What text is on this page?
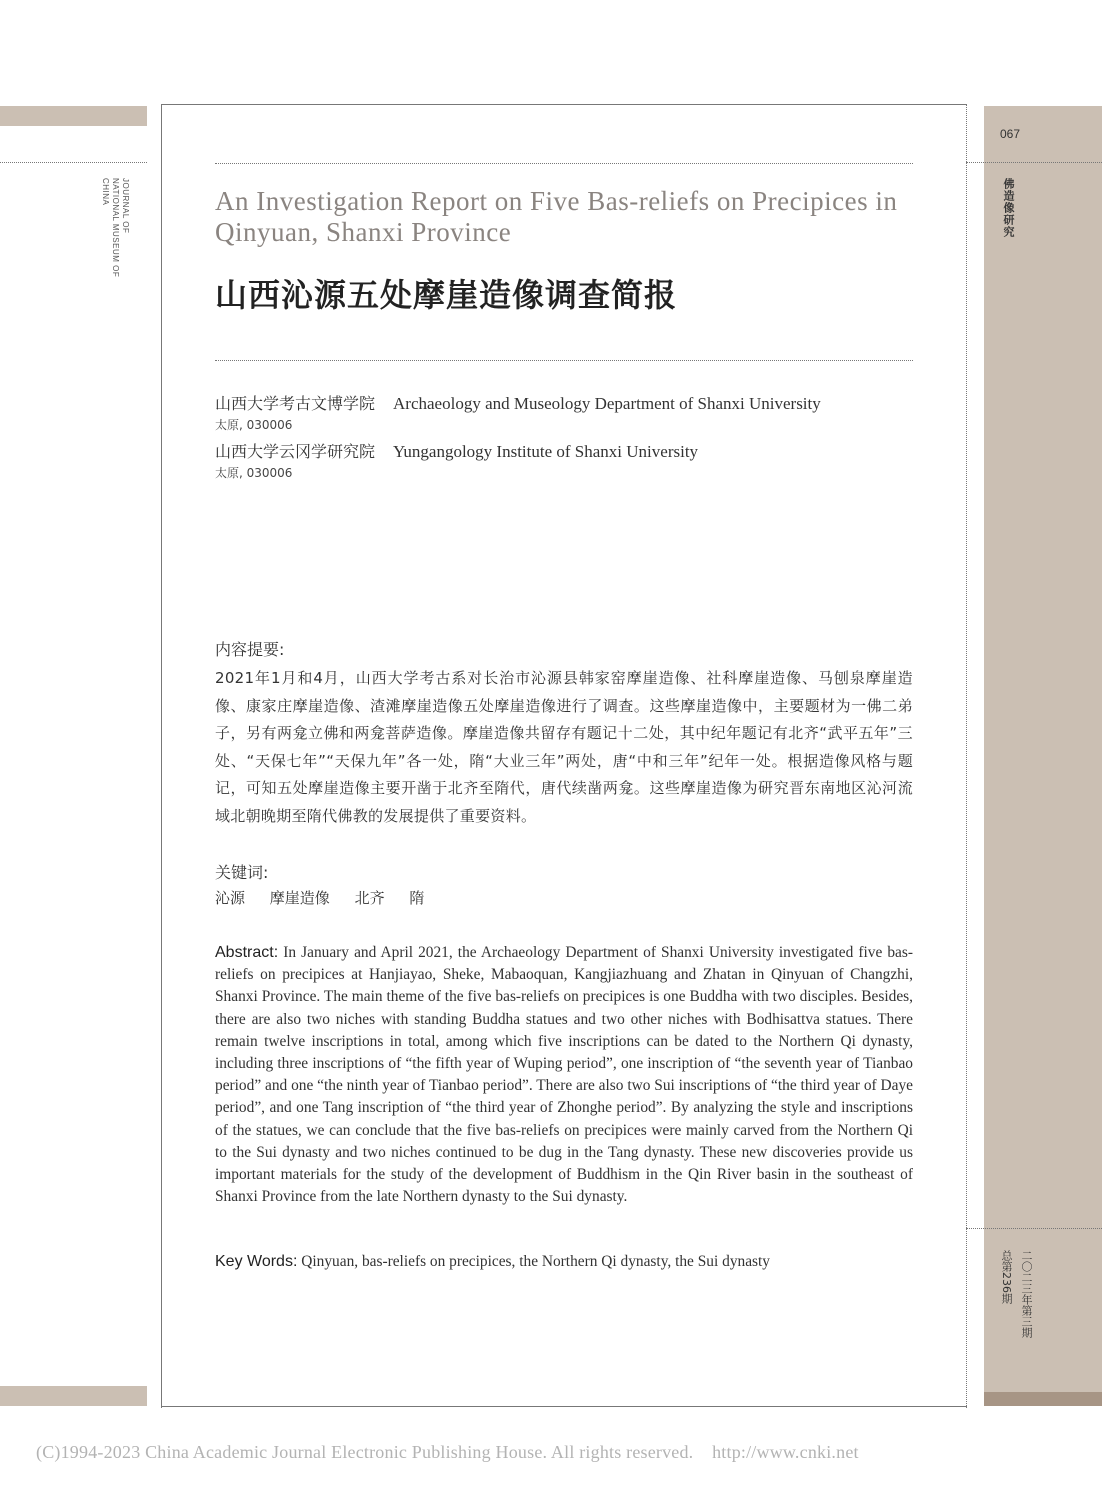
JOURNAL OF
NATIONAL MUSEUM OF
CHINA
067
佛造像研究
二〇二三年第三期
总第236期
An Investigation Report on Five Bas-reliefs on Precipices in Qinyuan, Shanxi Province
山西沁源五处摩崖造像调查简报
山西大学考古文博学院 Archaeology and Museology Department of Shanxi University
太原, 030006
山西大学云冈学研究院 Yungangology Institute of Shanxi University
太原, 030006
内容提要:
2021年1月和4月，山西大学考古系对长治市沁源县韩家窑摩崖造像、社科摩崖造像、马刨泉摩崖造像、康家庄摩崖造像、渣滩摩崖造像五处摩崖造像进行了调查。这些摩崖造像中，主要题材为一佛二弟子，另有两龛立佛和两龛菩萨造像。摩崖造像共留存有题记十二处，其中纪年题记有北齐“武平五年”三处、“天保七年”“天保九年”各一处，隋“大业三年”两处，唐“中和三年”纪年一处。根据造像风格与题记，可知五处摩崖造像主要开凿于北齐至隋代，唐代续凿两龛。这些摩崖造像为研究晋东南地区沁河流域北朝晚期至隋代佛教的发展提供了重要资料。
关键词:
沁源 摩崖造像 北齐 隋
Abstract: In January and April 2021, the Archaeology Department of Shanxi University investigated five bas-reliefs on precipices at Hanjiayao, Sheke, Mabaoquan, Kangjiazhuang and Zhatan in Qinyuan of Changzhi, Shanxi Province. The main theme of the five bas-reliefs on precipices is one Buddha with two disciples. Besides, there are also two niches with standing Buddha statues and two other niches with Bodhisattva statues. There remain twelve inscriptions in total, among which five inscriptions can be dated to the Northern Qi dynasty, including three inscriptions of “the fifth year of Wuping period”, one inscription of “the seventh year of Tianbao period” and one “the ninth year of Tianbao period”. There are also two Sui inscriptions of “the third year of Daye period”, and one Tang inscription of “the third year of Zhonghe period”. By analyzing the style and inscriptions of the statues, we can conclude that the five bas-reliefs on precipices were mainly carved from the Northern Qi to the Sui dynasty and two niches continued to be dug in the Tang dynasty. These new discoveries provide us important materials for the study of the development of Buddhism in the Qin River basin in the southeast of Shanxi Province from the late Northern dynasty to the Sui dynasty.
Key Words: Qinyuan, bas-reliefs on precipices, the Northern Qi dynasty, the Sui dynasty
(C)1994-2023 China Academic Journal Electronic Publishing House. All rights reserved. http://www.cnki.net
